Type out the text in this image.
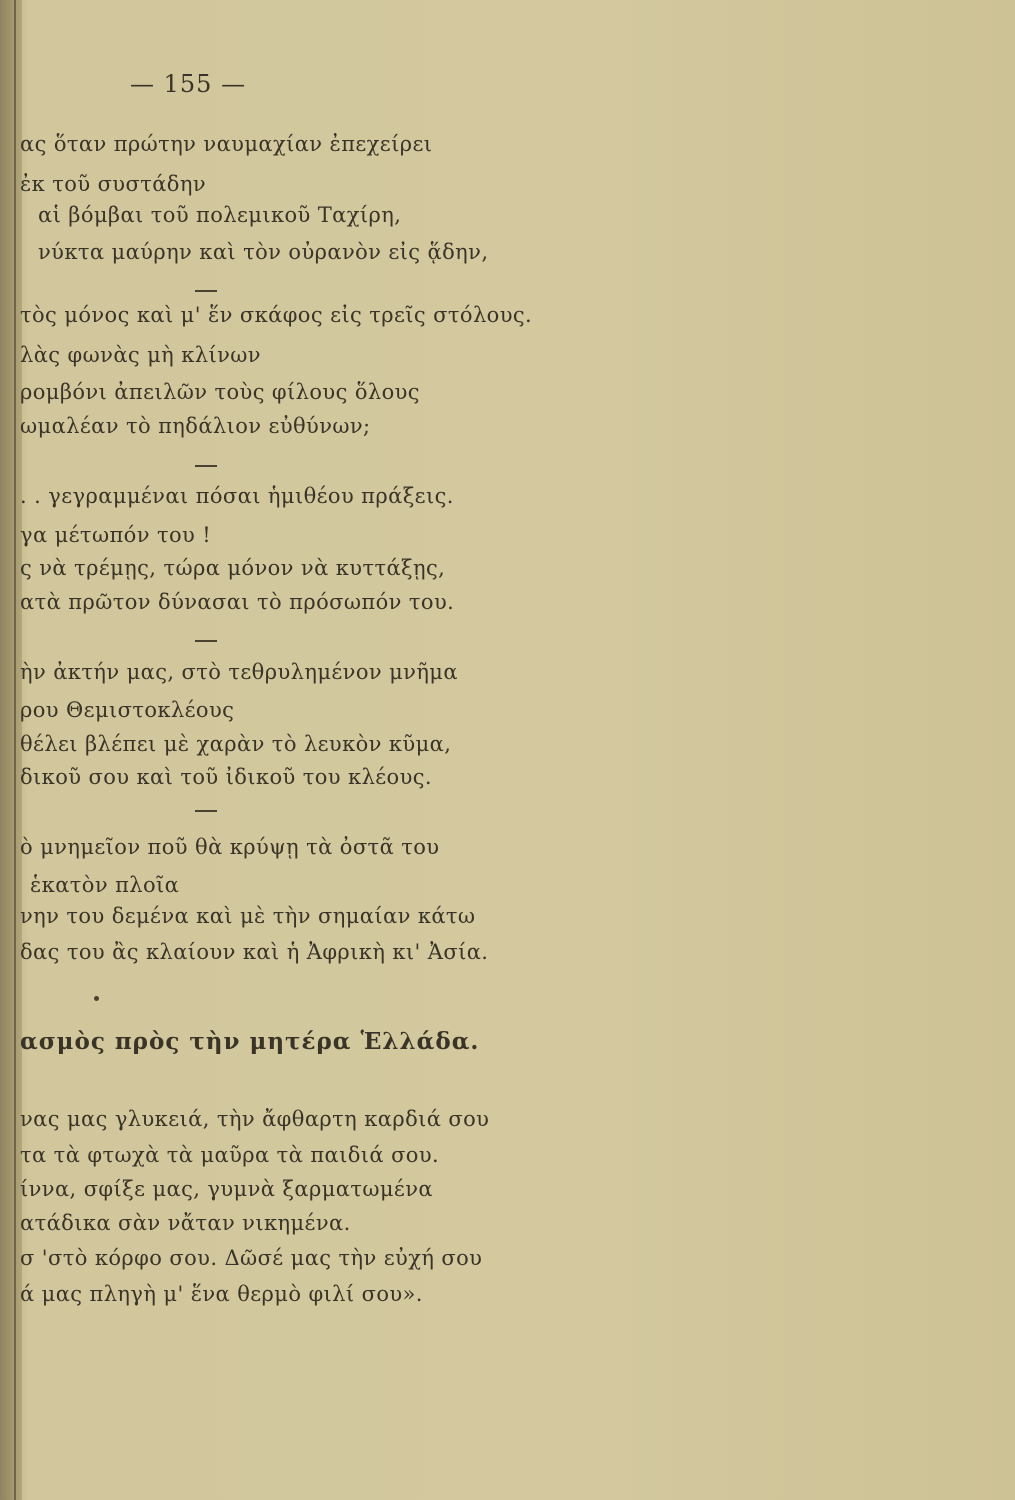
— 155 —
ας ὅταν πρώτην ναυμαχίαν ἐπεχείρει
ἐκ τοῦ συστάδην
αἱ βόμβαι τοῦ πολεμικοῦ Ταχίρη,
νύκτα μαύρην καὶ τὸν οὐρανὸν εἰς ᾅδην,
τὸς μόνος καὶ μ' ἕν σκάφος εἰς τρεῖς στόλους.
λὰς φωνὰς μὴ κλίνων
ρομβόνι ἀπειλῶν τοὺς φίλους ὅλους
ωμαλέαν τὸ πηδάλιον εὐθύνων;
. . γεγραμμέναι πόσαι ἡμιθέου πράξεις.
γα μέτωπόν του !
ς νὰ τρέμῃς, τώρα μόνον νὰ κυττάξῃς,
ατὰ πρῶτον δύνασαι τὸ πρόσωπόν του.
ὴν ἀκτήν μας, στὸ τεθρυλημένον μνῆμα
ρου Θεμιστοκλέους
θέλει βλέπει μὲ χαρὰν τὸ λευκὸν κῦμα,
δικοῦ σου καὶ τοῦ ἰδικοῦ του κλέους.
ὸ μνημεῖον ποῦ θὰ κρύψῃ τὰ ὀστᾶ του
ἑκατὸν πλοῖα
νην του δεμένα καὶ μὲ τὴν σημαίαν κάτω
δας του ἂς κλαίουν καὶ ἡ Ἀφρικὴ κι' Ἀσία.
ασμὸς πρὸς τὴν μητέρα Ἑλλάδα.
νας μας γλυκειά, τὴν ἄφθαρτη καρδιά σου
τα τὰ φτωχὰ τὰ μαῦρα τὰ παιδιά σου.
ίννα, σφίξε μας, γυμνὰ ξαρματωμένα
ατάδικα σὰν νἄταν νικημένα.
σ 'στὸ κόρφο σου. Δῶσέ μας τὴν εὐχή σου
ά μας πληγὴ μ' ἕνα θερμὸ φιλί σου».
